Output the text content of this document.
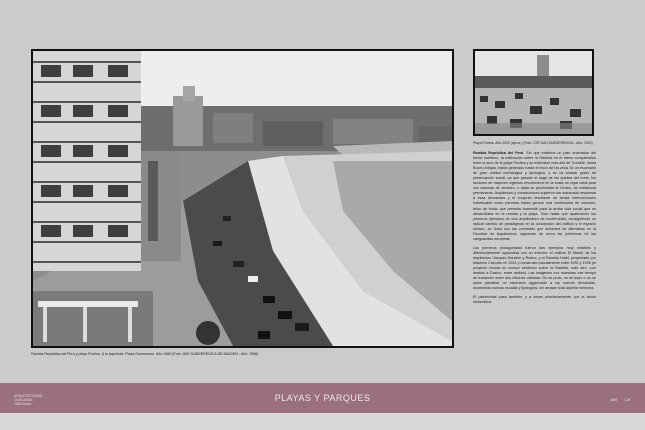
Rambla República del Perú y playa Pocitos. A la izquierda: Plaza Gomensoro. Año 1960 (Foto: IMO-SUBGERENCIA DE IMAGEN - Año: 1966)
Playa Pocitos. Año 1920 (aprox.) (Foto: CDF-IMO-SUBGERENCIA - Año: 1920)

Rambla República del Perú. Sin que existiera un plan ordenador del frente marítimo, la edificación sobre la Rambla en el tramo comprendido entre el arco de la playa Pocitos y su extensión más allá de Trouville, hasta Buceo Artigas, había generado hasta el inicio de los años 30 un escenario de gran unidad morfológica y tipológica, y se va arrasar grado de preservación social, ya que pasado el auge de las quintas del norte, los sectores de mayores ingresos encontraron en la costa un lugar ideal para sus casonas de veraneo, o dada su proximidad al Centro, de residencia permanente. Arquitectos y constructores supieron dar adecuada respuesta a esas demandas y el conjunto resultante de tantas intervenciones individuales como parcelas había generó una continuidad de volumen, telón de fondo que permitía transmitir para la arriba vida social que se desarrollaba en la rambla y la playa. Todo hasta que aparecieron los primeros ejemplos de una arquitectura de modernidad, consiguiendo un radical cambio de paradigmas en la concepción del edificio y el espacio urbano, en línea con las corrientes que entonces se afirmaban en la Facultad de Arquitectura, siguiendo de cerca las polémicas de las vanguardias europeas.

Los primeros protagonistas fueron dos ejemplos muy notables y diferencialmente rupturistas con su entorno: el edificio El Mástil, de los arquitectos Vázquez Barrière y Ruano, y el Rambla Hotel, proyectado por Mauricio Cravotto en 1931 y construido parcialmente entre 1932 y 1935 (el proyecto incluía un cuerpo simétrico sobre la Rambla, más otro -con destino a Casino- entre ambos). Las imágenes nos muestran ese tiempo de transición entre dos visiones urbanas. No se pudo, no se supo o no se quiso planificar un escenario aggiornado a los nuevos demandas, asumiendo nuevas escalas y tipologías, sin arrasar toda aquella memoria.

El patrimonial pasa también, y a veces prioritariamente, por la visión urbanística.

ARQUITECTURAS
OLVIDADAS
1930-Ahora
PLAYAS Y PARQUES	IMM CdF
